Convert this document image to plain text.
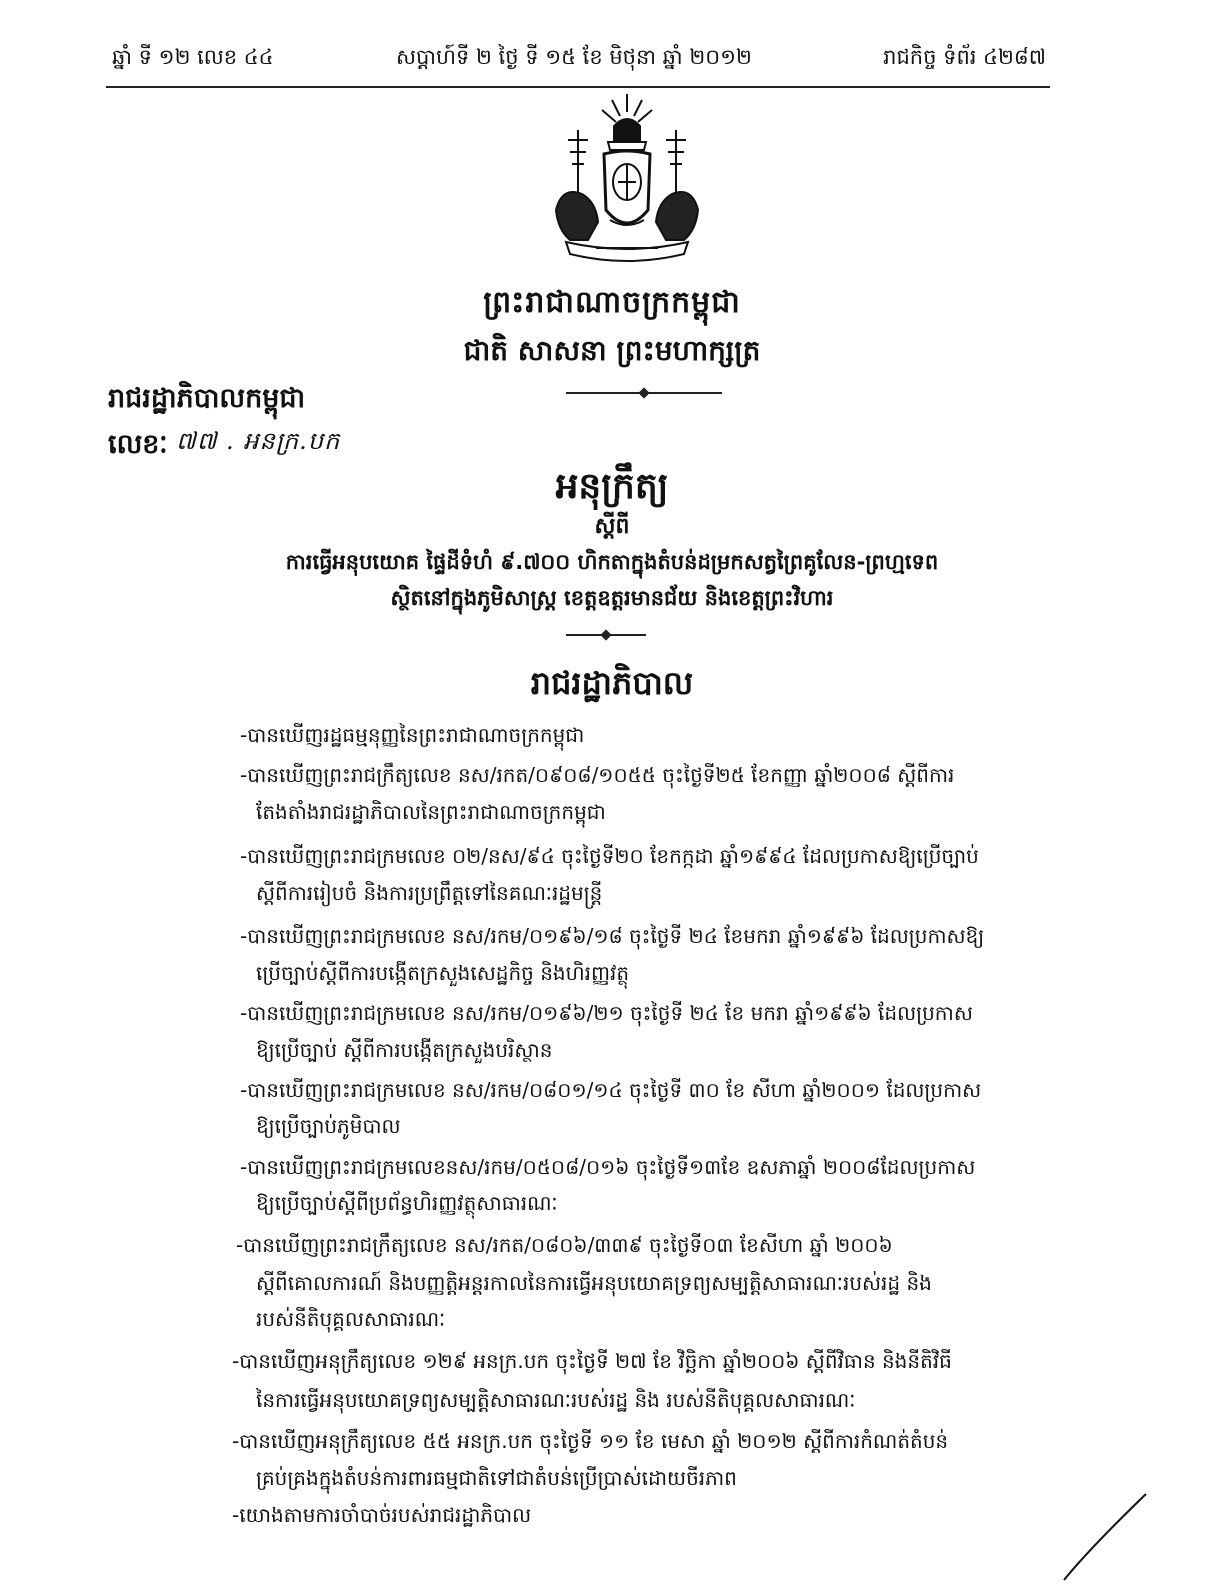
ឆ្នាំ ទី ១២ លេខ ៤៤	សប្តាហ៍ទី ២ ថ្ងៃ ទី ១៥ ខែ មិថុនា ឆ្នាំ ២០១២	រាជកិច្ច ទំព័រ ៤២៨៧
ព្រះរាជាណាចក្រកម្ពុជា
ជាតិ សាសនា ព្រះមហាក្សត្រ
រាជរដ្ឋាភិបាលកម្ពុជា
លេខៈ ៧៧ . អនក្រ.បក
អនុក្រឹត្យ
ស្តីពី
ការធ្វើអនុបយោគ ផ្ទៃដីទំហំ ៩.៧០០ ហិកតាក្នុងតំបន់ដម្រកសត្វព្រៃគូលែន-ព្រហ្មទេព
ស្ថិតនៅក្នុងភូមិសាស្ត្រ ខេត្តឧត្តរមានជ័យ និងខេត្តព្រះវិហារ
រាជរដ្ឋាភិបាល
-បានឃើញរដ្ឋធម្មនុញ្ញនៃព្រះរាជាណាចក្រកម្ពុជា
-បានឃើញព្រះរាជក្រឹត្យលេខ នស/រកត/០៩០៨/១០៥៥ ចុះថ្ងៃទី២៥ ខែកញ្ញា ឆ្នាំ២០០៨ ស្តីពីការ
តែងតាំងរាជរដ្ឋាភិបាលនៃព្រះរាជាណាចក្រកម្ពុជា
-បានឃើញព្រះរាជក្រមលេខ ០២/នស/៩៤ ចុះថ្ងៃទី២០ ខែកក្កដា ឆ្នាំ១៩៩៤ ដែលប្រកាសឱ្យប្រើច្បាប់
ស្តីពីការរៀបចំ និងការប្រព្រឹត្តទៅនៃគណៈរដ្ឋមន្ត្រី
-បានឃើញព្រះរាជក្រមលេខ នស/រកម/០១៩៦/១៨ ចុះថ្ងៃទី ២៤ ខែមករា ឆ្នាំ១៩៩៦ ដែលប្រកាសឱ្យ
ប្រើច្បាប់ស្តីពីការបង្កើតក្រសួងសេដ្ឋកិច្ច និងហិរញ្ញវត្ថុ
-បានឃើញព្រះរាជក្រមលេខ នស/រកម/០១៩៦/២១ ចុះថ្ងៃទី ២៤ ខែ មករា ឆ្នាំ១៩៩៦ ដែលប្រកាស
ឱ្យប្រើច្បាប់ ស្តីពីការបង្កើតក្រសួងបរិស្ថាន
-បានឃើញព្រះរាជក្រមលេខ នស/រកម/០៨០១/១៤ ចុះថ្ងៃទី ៣០ ខែ សីហា ឆ្នាំ២០០១ ដែលប្រកាស
ឱ្យប្រើច្បាប់ភូមិបាល
-បានឃើញព្រះរាជក្រមលេខនស/រកម/០៥០៨/០១៦ ចុះថ្ងៃទី១៣ខែ ឧសភាឆ្នាំ ២០០៨ដែលប្រកាស
ឱ្យប្រើច្បាប់ស្តីពីប្រព័ន្ធហិរញ្ញវត្ថុសាធារណៈ
-បានឃើញព្រះរាជក្រឹត្យលេខ នស/រកត/០៨០៦/៣៣៩ ចុះថ្ងៃទី០៣ ខែសីហា ឆ្នាំ ២០០៦
ស្តីពីគោលការណ៍ និងបញ្ញត្តិអន្តរកាលនៃការធ្វើអនុបយោគទ្រព្យសម្បត្តិសាធារណៈរបស់រដ្ឋ និង
របស់នីតិបុគ្គលសាធារណៈ
-បានឃើញអនុក្រឹត្យលេខ ១២៩ អនក្រ.បក ចុះថ្ងៃទី ២៧ ខែ វិច្ឆិកា ឆ្នាំ២០០៦ ស្តីពីវិធាន និងនីតិវិធី
នៃការធ្វើអនុបយោគទ្រព្យសម្បត្តិសាធារណៈរបស់រដ្ឋ និង របស់នីតិបុគ្គលសាធារណៈ
-បានឃើញអនុក្រឹត្យលេខ ៥៥ អនក្រ.បក ចុះថ្ងៃទី ១១ ខែ មេសា ឆ្នាំ ២០១២ ស្តីពីការកំណត់តំបន់
គ្រប់គ្រងក្នុងតំបន់ការពារធម្មជាតិទៅជាតំបន់ប្រើប្រាស់ដោយចីរភាព
-យោងតាមការចាំបាច់របស់រាជរដ្ឋាភិបាល
